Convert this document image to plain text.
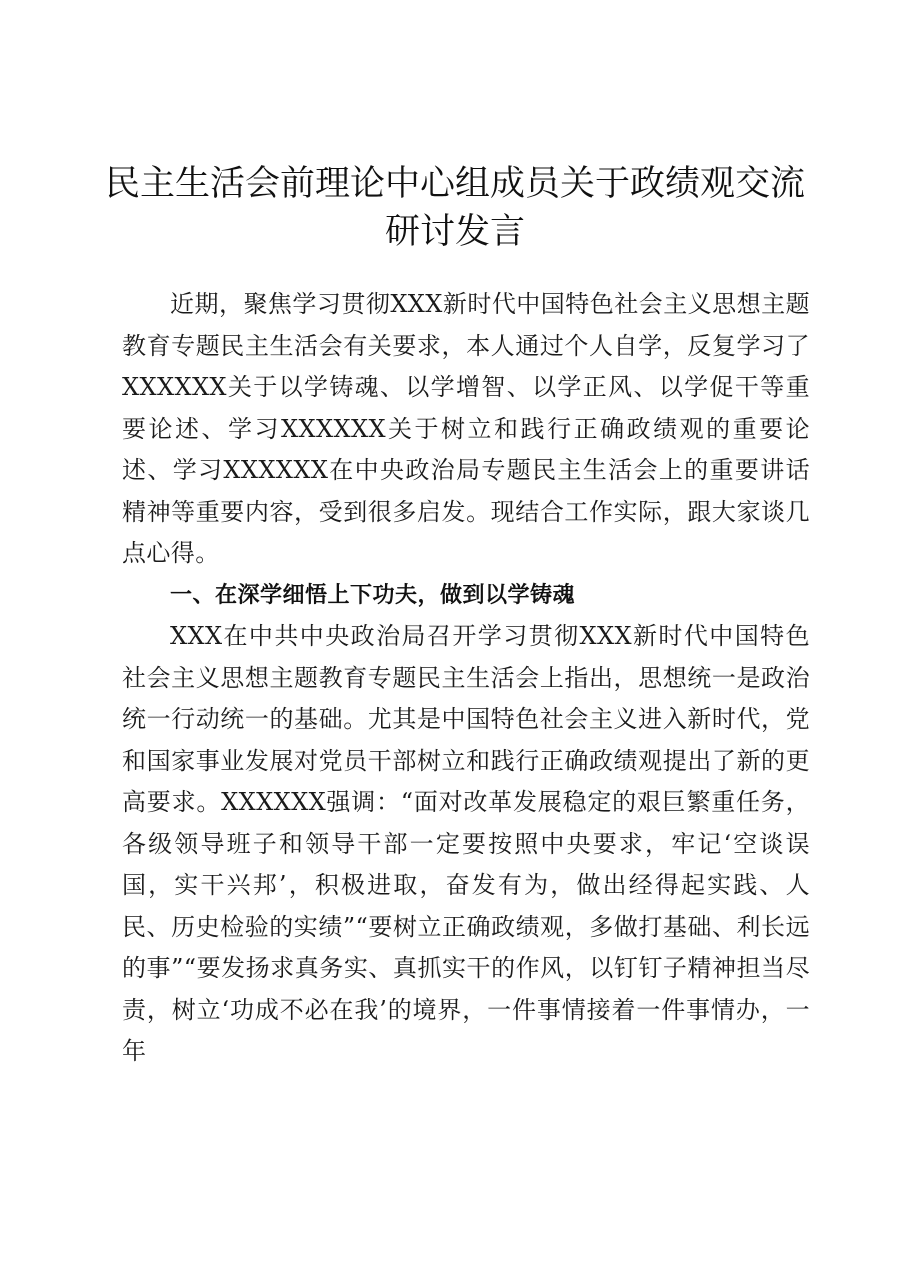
民主生活会前理论中心组成员关于政绩观交流研讨发言

近期，聚焦学习贯彻XXX新时代中国特色社会主义思想主题教育专题民主生活会有关要求，本人通过个人自学，反复学习了XXXXXX关于以学铸魂、以学增智、以学正风、以学促干等重要论述、学习XXXXXX关于树立和践行正确政绩观的重要论述、学习XXXXXX在中央政治局专题民主生活会上的重要讲话精神等重要内容，受到很多启发。现结合工作实际，跟大家谈几点心得。

一、在深学细悟上下功夫，做到以学铸魂

XXX在中共中央政治局召开学习贯彻XXX新时代中国特色社会主义思想主题教育专题民主生活会上指出，思想统一是政治统一行动统一的基础。尤其是中国特色社会主义进入新时代，党和国家事业发展对党员干部树立和践行正确政绩观提出了新的更高要求。XXXXXX强调：“面对改革发展稳定的艰巨繁重任务，各级领导班子和领导干部一定要按照中央要求，牢记‘空谈误国，实干兴邦’，积极进取，奋发有为，做出经得起实践、人民、历史检验的实绩”“要树立正确政绩观，多做打基础、利长远的事”“要发扬求真务实、真抓实干的作风，以钉钉子精神担当尽责，树立‘功成不必在我’的境界，一件事情接着一件事情办，一年
